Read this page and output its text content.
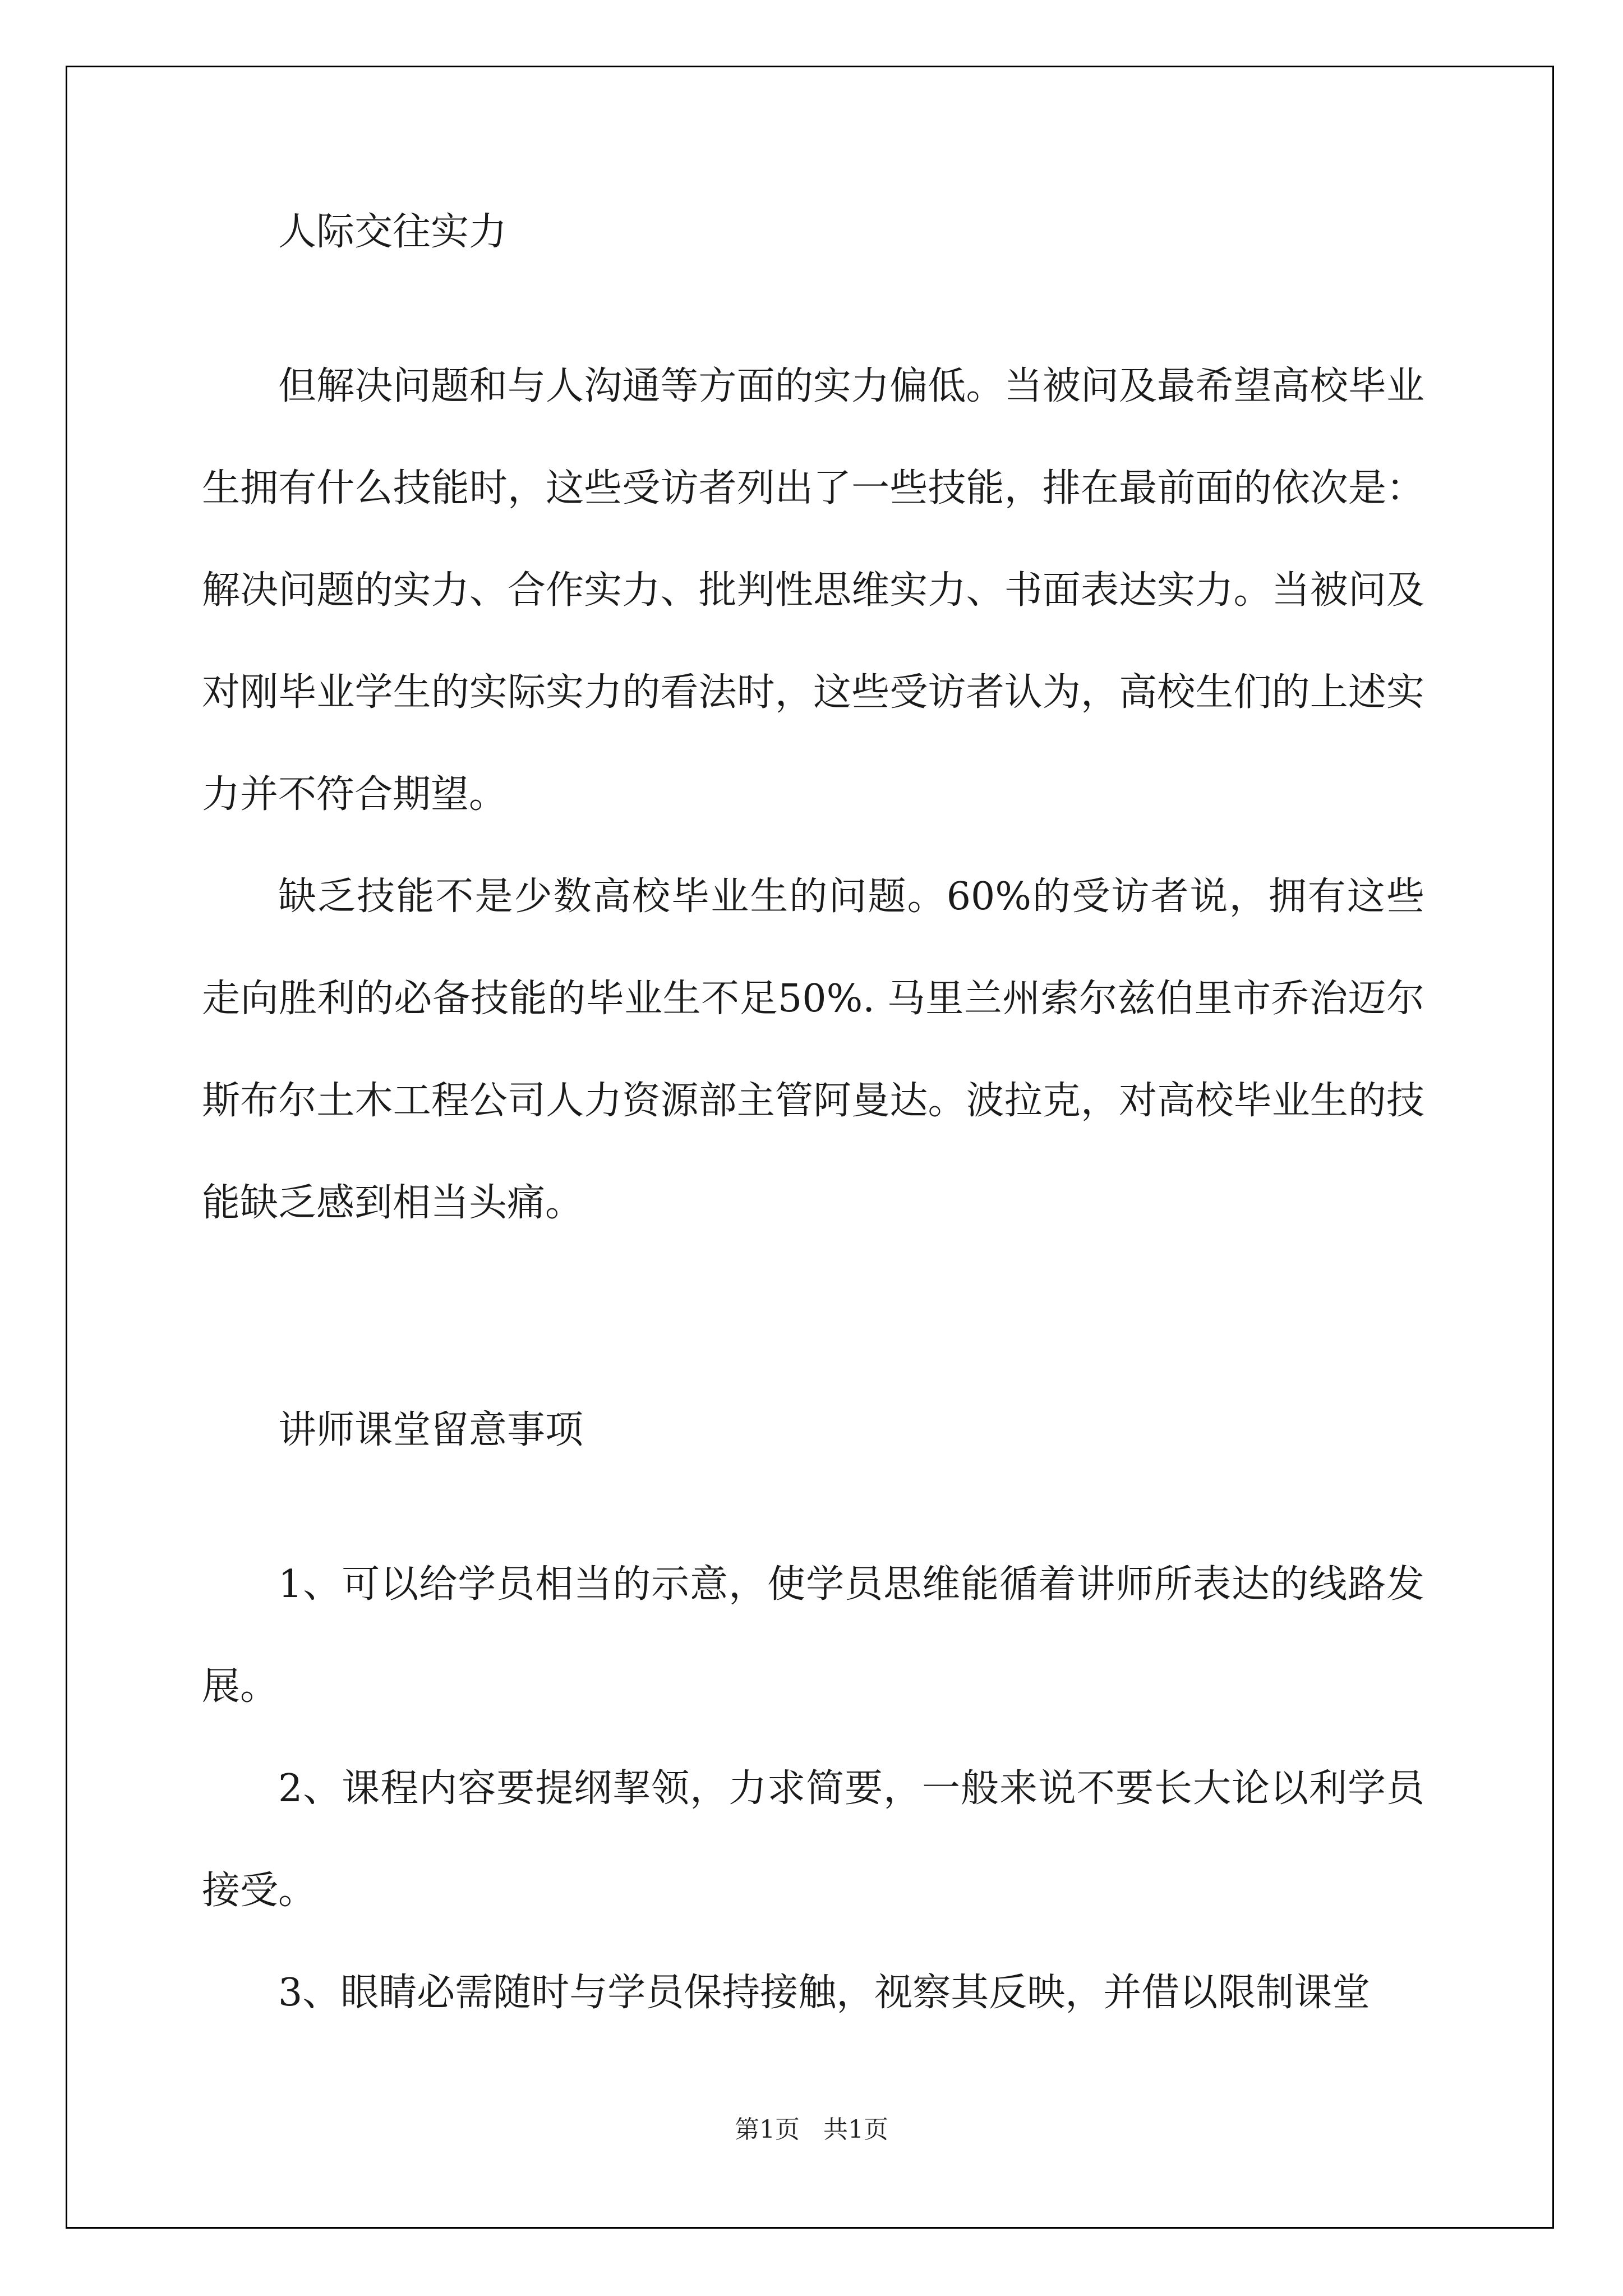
人际交往实力

但解决问题和与人沟通等方面的实力偏低。当被问及最希望高校毕业生拥有什么技能时，这些受访者列出了一些技能，排在最前面的依次是：解决问题的实力、合作实力、批判性思维实力、书面表达实力。当被问及对刚毕业学生的实际实力的看法时，这些受访者认为，高校生们的上述实力并不符合期望。

缺乏技能不是少数高校毕业生的问题。60%的受访者说，拥有这些走向胜利的必备技能的毕业生不足50%. 马里兰州索尔兹伯里市乔治迈尔斯布尔土木工程公司人力资源部主管阿曼达。波拉克，对高校毕业生的技能缺乏感到相当头痛。

讲师课堂留意事项

1、可以给学员相当的示意，使学员思维能循着讲师所表达的线路发展。

2、课程内容要提纲挈领，力求简要，一般来说不要长大论以利学员接受。

3、眼睛必需随时与学员保持接触，视察其反映，并借以限制课堂

第1页 共1页
